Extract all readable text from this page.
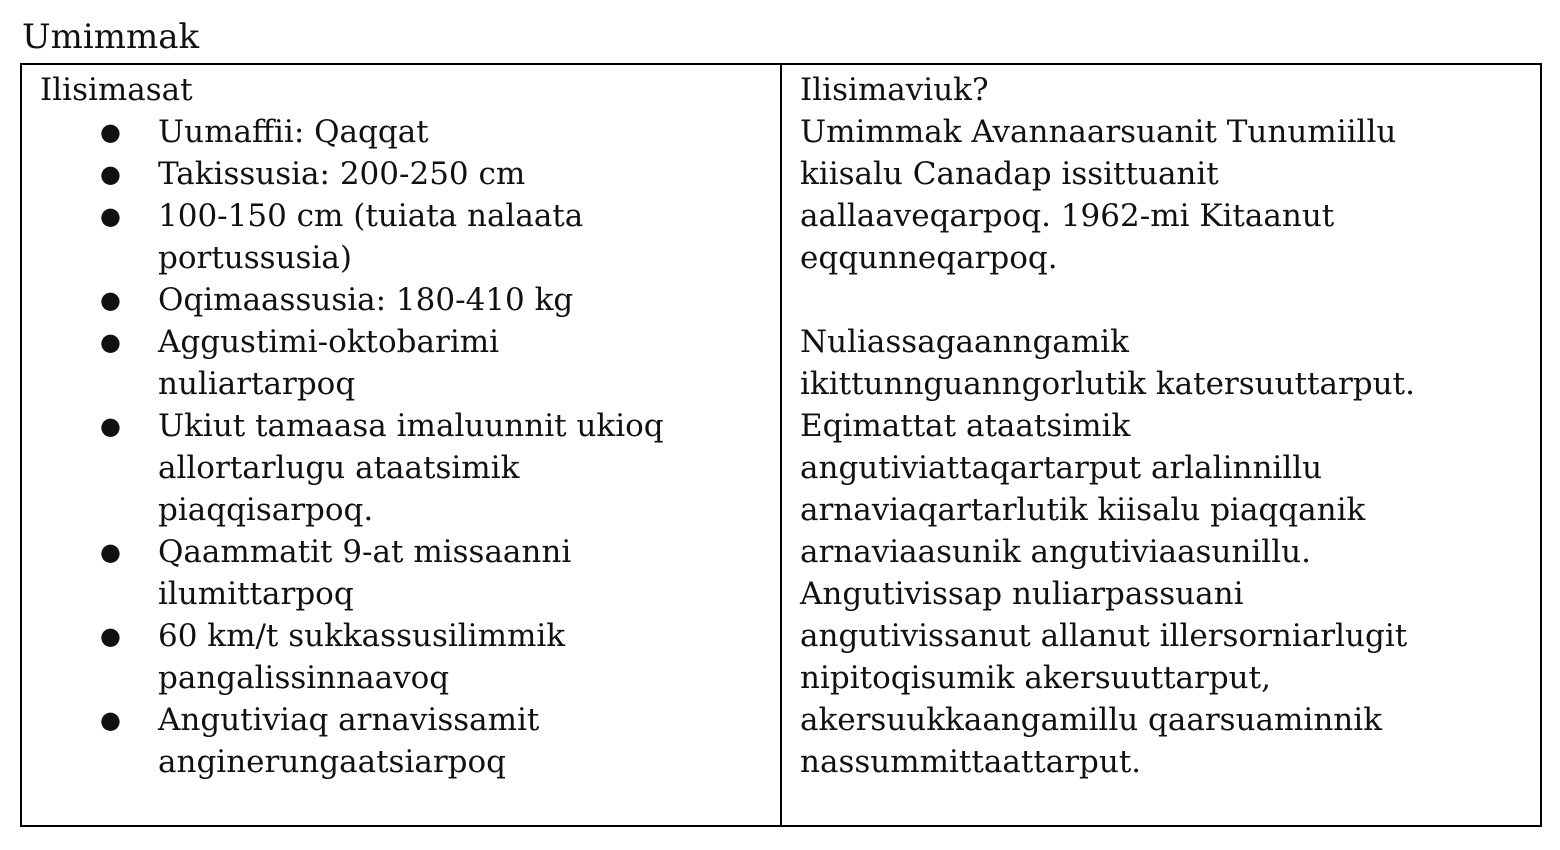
Umimmak

Ilisimasat

● Uumaffii: Qaqqat
● Takissusia: 200-250 cm
● 100-150 cm (tuiata nalaata
portussusia)
● Oqimaassusia: 180-410 kg
● Aggustimi-oktobarimi
nuliartarpoq
● Ukiut tamaasa imaluunnit ukioq
allortarlugu ataatsimik
piaqqisarpoq.
● Qaammatit 9-at missaanni
ilumittarpoq
● 60 km/t sukkassusilimmik
pangalissinnaavoq
● Angutiviaq arnavissamit
anginerungaatsiarpoq

Ilisimaviuk?

Umimmak Avannaarsuanit Tunumiillu
kiisalu Canadap issittuanit
aallaaveqarpoq. 1962-mi Kitaanut
eqqunneqarpoq.

Nuliassagaanngamik
ikittunnguanngorlutik katersuuttarput.
Eqimattat ataatsimik
angutiviattaqartarput arlalinnillu
arnaviaqartarlutik kiisalu piaqqanik
arnaviaasunik angutiviaasunillu.
Angutivissap nuliarpassuani
angutivissanut allanut illersorniarlugit
nipitoqisumik akersuuttarput,
akersuukkaangamillu qaarsuaminnik
nassummittaattarput.
